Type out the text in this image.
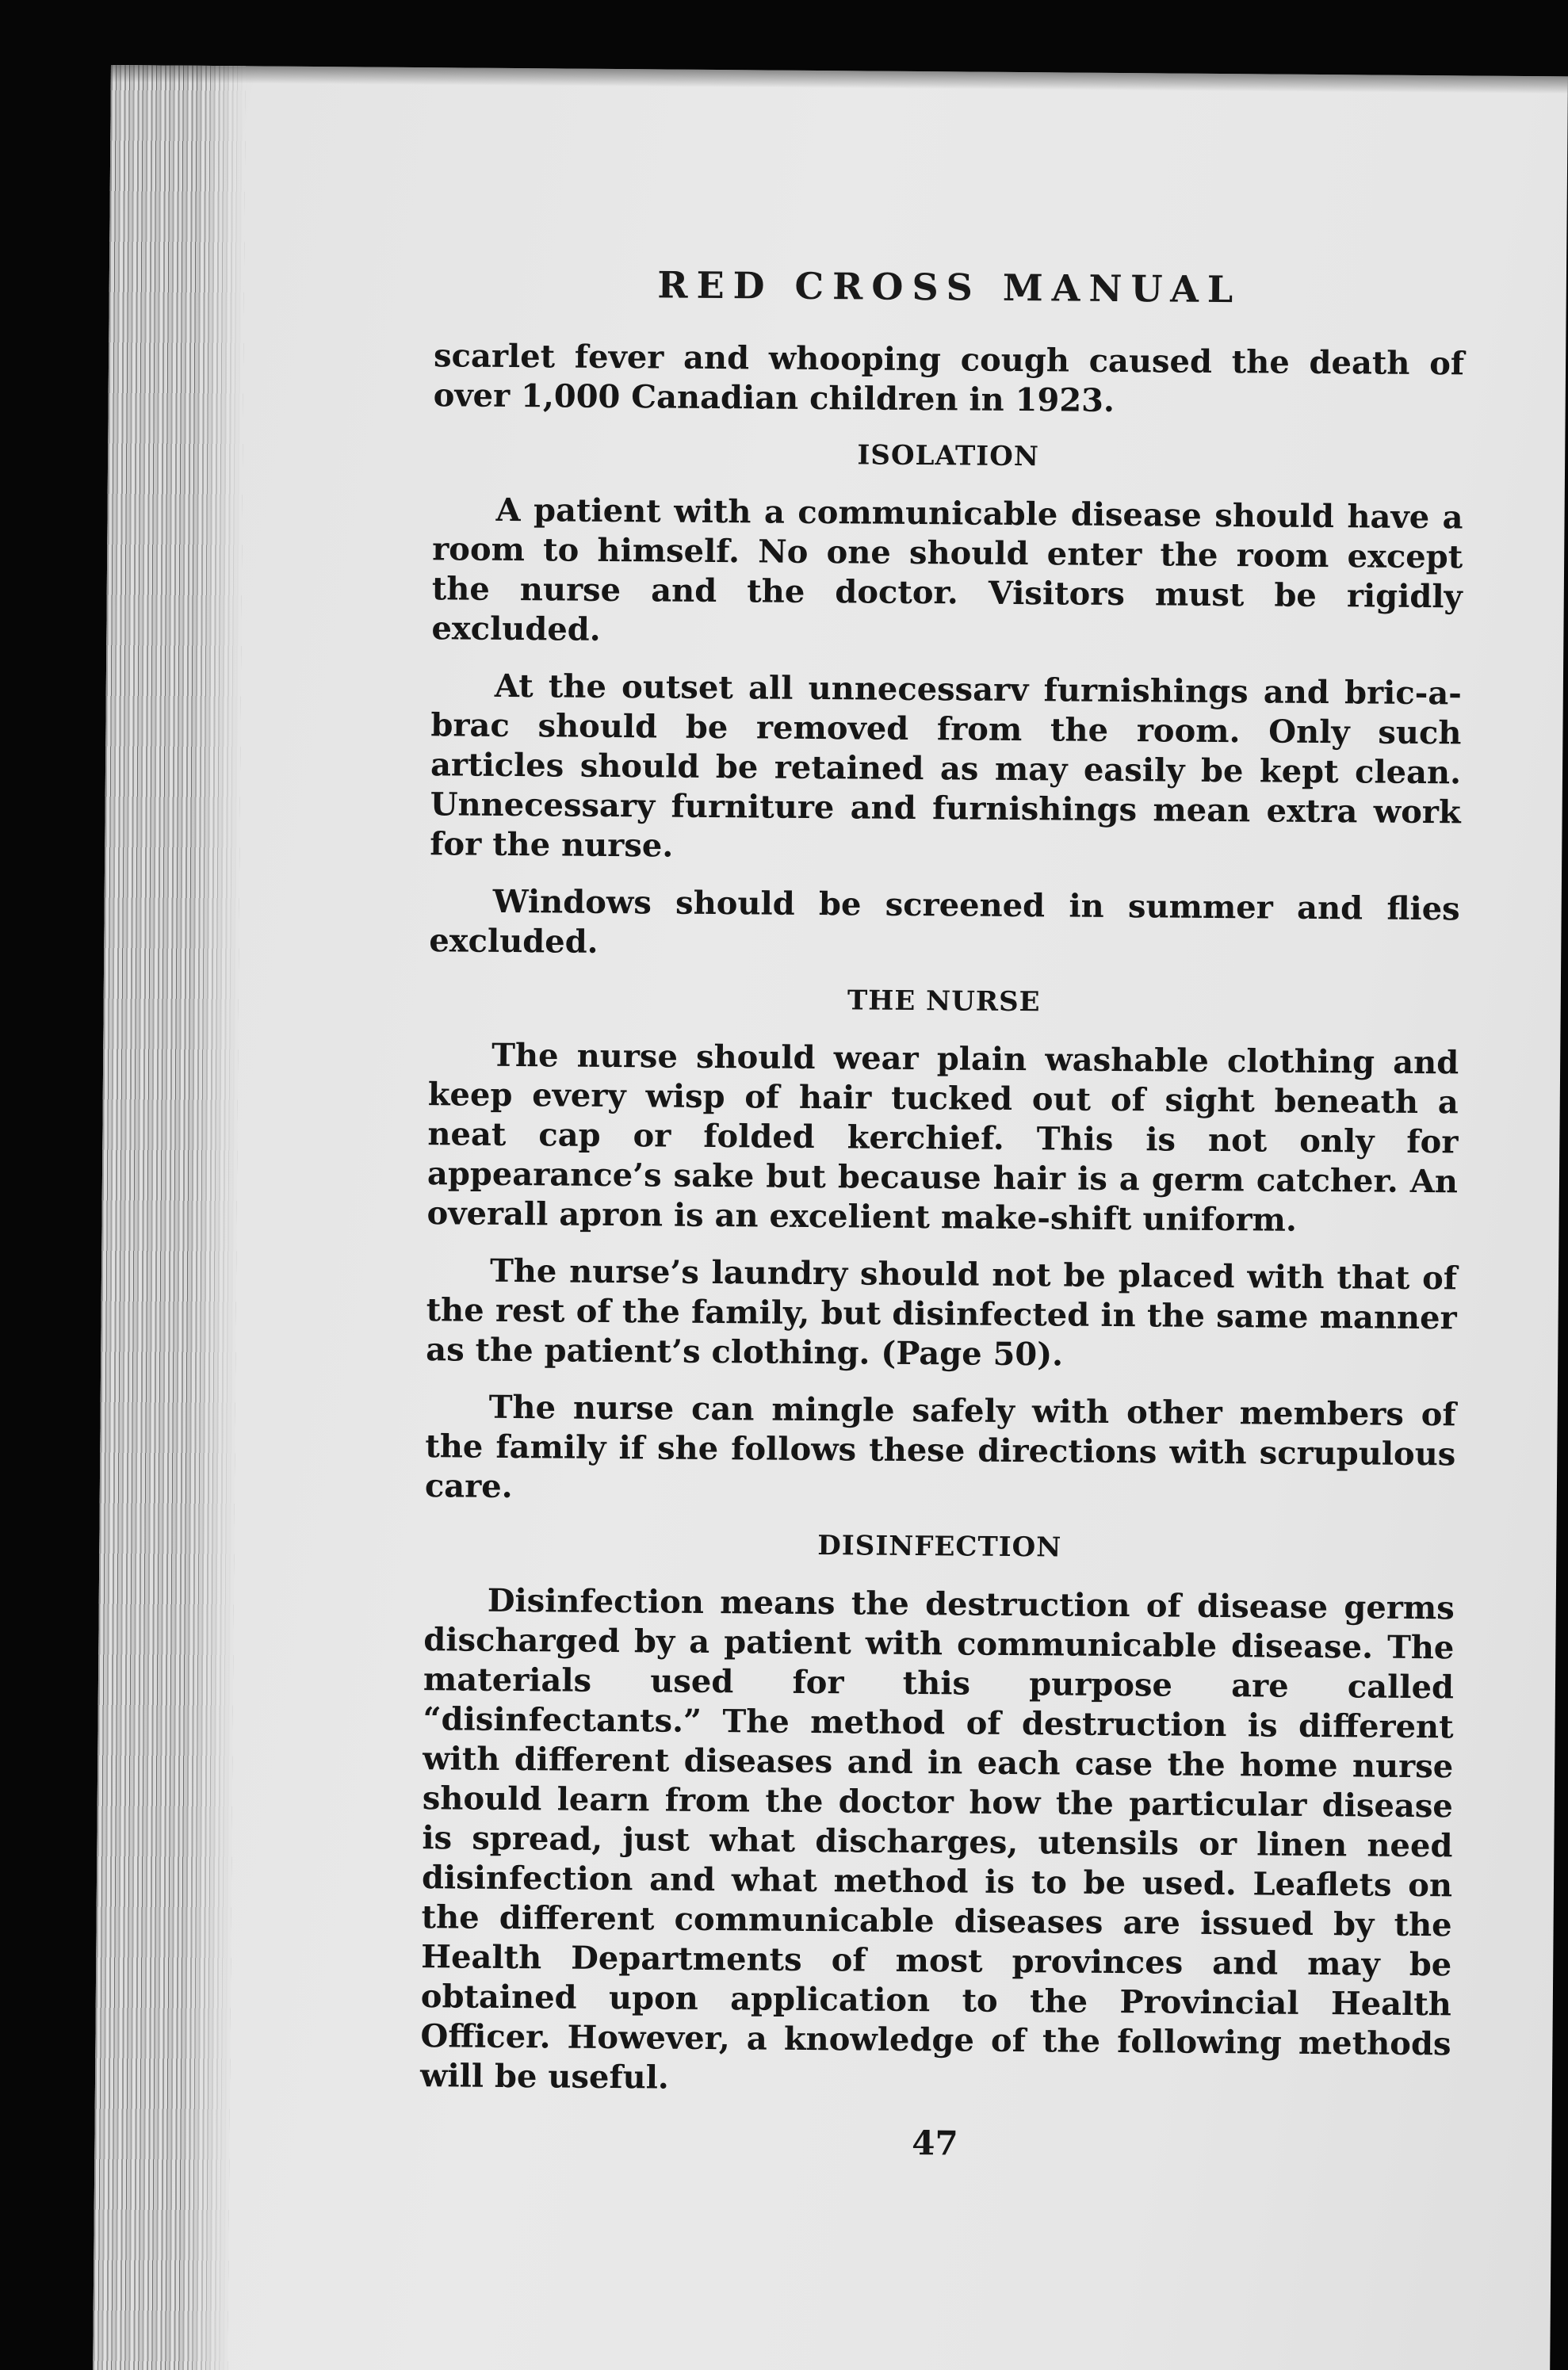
RED CROSS MANUAL
scarlet fever and whooping cough caused the death of over 1,000 Canadian children in 1923.
ISOLATION
A patient with a communicable disease should have a room to himself. No one should enter the room except the nurse and the doctor. Visitors must be rigidly excluded.
At the outset all unnecessarv furnishings and bric-a-brac should be removed from the room. Only such articles should be retained as may easily be kept clean. Unnecessary furniture and furnishings mean extra work for the nurse.
Windows should be screened in summer and flies excluded.
THE NURSE
The nurse should wear plain washable clothing and keep every wisp of hair tucked out of sight beneath a neat cap or folded kerchief. This is not only for appearance’s sake but because hair is a germ catcher. An overall apron is an excelient make-shift uniform.
The nurse’s laundry should not be placed with that of the rest of the family, but disinfected in the same manner as the patient’s clothing. (Page 50).
The nurse can mingle safely with other members of the family if she follows these directions with scrupulous care.
DISINFECTION
Disinfection means the destruction of disease germs discharged by a patient with communicable disease. The materials used for this purpose are called “disinfectants.” The method of destruction is different with different diseases and in each case the home nurse should learn from the doctor how the particular disease is spread, just what discharges, utensils or linen need disinfection and what method is to be used. Leaflets on the different communicable diseases are issued by the Health Departments of most provinces and may be obtained upon application to the Provincial Health Officer. However, a knowledge of the following methods will be useful.
47
